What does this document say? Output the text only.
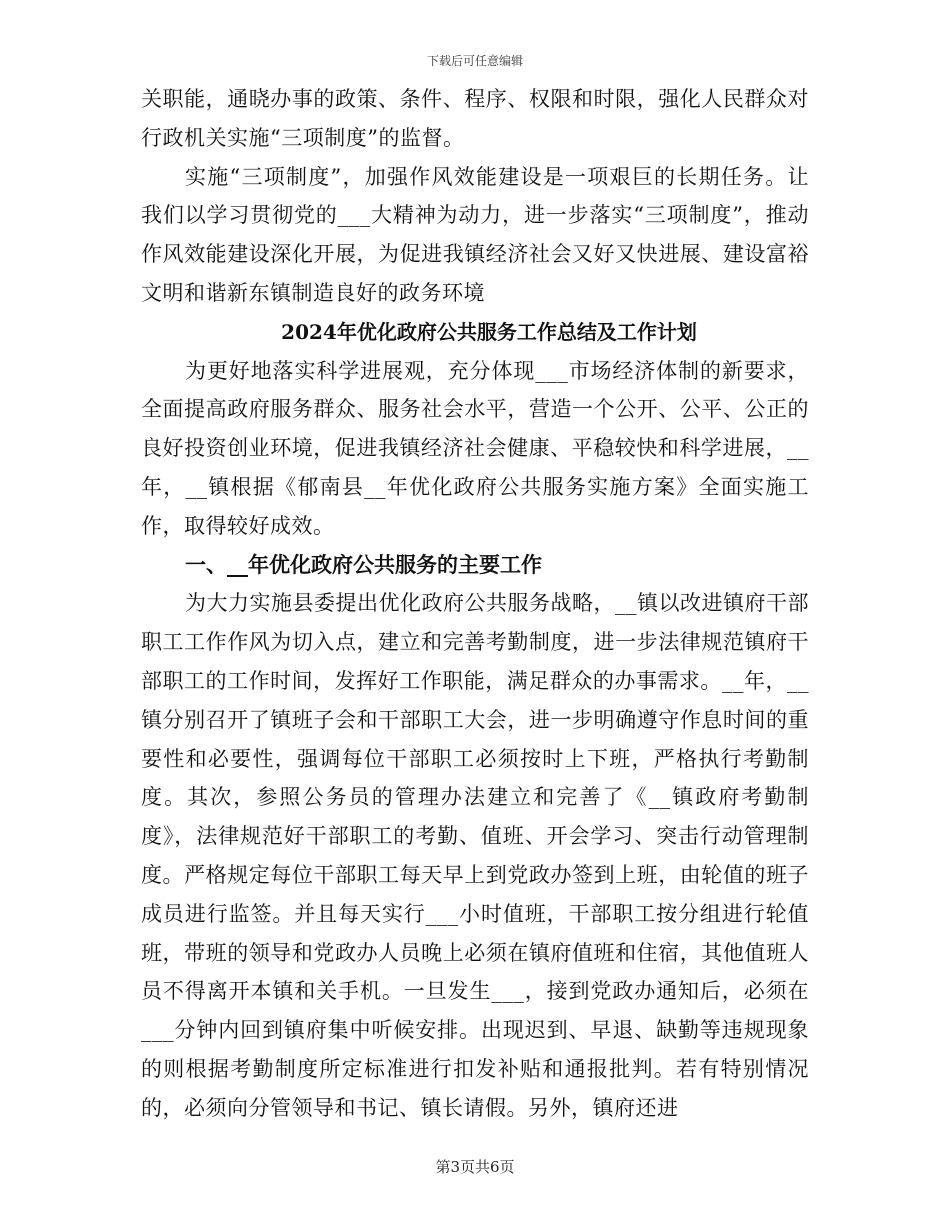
下载后可任意编辑

关职能，通晓办事的政策、条件、程序、权限和时限，强化人民群众对行政机关实施“三项制度”的监督。

实施“三项制度”，加强作风效能建设是一项艰巨的长期任务。让我们以学习贯彻党的___大精神为动力，进一步落实“三项制度”，推动作风效能建设深化开展，为促进我镇经济社会又好又快进展、建设富裕文明和谐新东镇制造良好的政务环境

2024年优化政府公共服务工作总结及工作计划

为更好地落实科学进展观，充分体现___市场经济体制的新要求，全面提高政府服务群众、服务社会水平，营造一个公开、公平、公正的良好投资创业环境，促进我镇经济社会健康、平稳较快和科学进展，__年，__镇根据《郁南县__年优化政府公共服务实施方案》全面实施工作，取得较好成效。

一、__年优化政府公共服务的主要工作

为大力实施县委提出优化政府公共服务战略，__镇以改进镇府干部职工工作作风为切入点，建立和完善考勤制度，进一步法律规范镇府干部职工的工作时间，发挥好工作职能，满足群众的办事需求。__年，__镇分别召开了镇班子会和干部职工大会，进一步明确遵守作息时间的重要性和必要性，强调每位干部职工必须按时上下班，严格执行考勤制度。其次，参照公务员的管理办法建立和完善了《__镇政府考勤制度》，法律规范好干部职工的考勤、值班、开会学习、突击行动管理制度。严格规定每位干部职工每天早上到党政办签到上班，由轮值的班子成员进行监签。并且每天实行___小时值班，干部职工按分组进行轮值班，带班的领导和党政办人员晚上必须在镇府值班和住宿，其他值班人员不得离开本镇和关手机。一旦发生___，接到党政办通知后，必须在___分钟内回到镇府集中听候安排。出现迟到、早退、缺勤等违规现象的则根据考勤制度所定标准进行扣发补贴和通报批判。若有特别情况的，必须向分管领导和书记、镇长请假。另外，镇府还进

第3页共6页
